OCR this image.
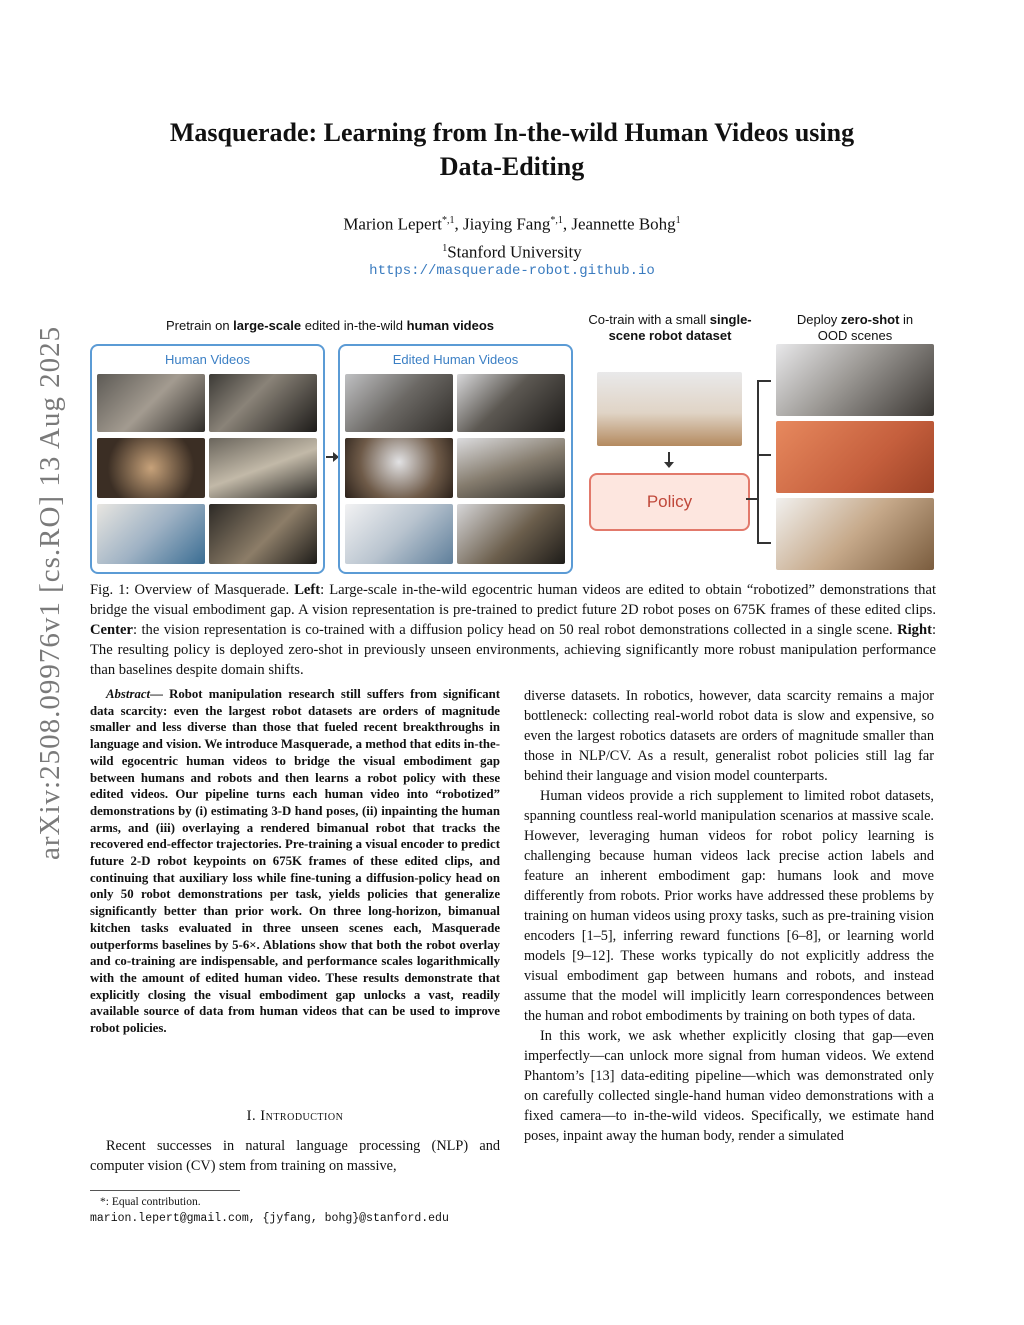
arXiv:2508.09976v1 [cs.RO] 13 Aug 2025
Masquerade: Learning from In-the-wild Human Videos using
Data-Editing
Marion Lepert$^{*,1}$, Jiaying Fang$^{*,1}$, Jeannette Bohg$^1$
$^1$Stanford University
https://masquerade-robot.github.io
Pretrain on large-scale edited in-the-wild human videos	Co-train with a small single-
scene robot dataset
Deploy zero-shot in
OOD scenes
Human Videos	Edited Human Videos
Policy
Fig. 1: Overview of Masquerade. Left: Large-scale in-the-wild egocentric human videos are edited to obtain “robotized” demonstrations that bridge the visual embodiment gap. A vision representation is pre-trained to predict future 2D robot poses on 675K frames of these edited clips. Center: the vision representation is co-trained with a diffusion policy head on 50 real robot demonstrations collected in a single scene. Right: The resulting policy is deployed zero-shot in previously unseen environments, achieving significantly more robust manipulation performance than baselines despite domain shifts.

Abstract— Robot manipulation research still suffers from significant data scarcity: even the largest robot datasets are orders of magnitude smaller and less diverse than those that fueled recent breakthroughs in language and vision. We introduce Masquerade, a method that edits in-the-wild egocentric human videos to bridge the visual embodiment gap between humans and robots and then learns a robot policy with these edited videos. Our pipeline turns each human video into “robotized” demonstrations by (i) estimating 3-D hand poses, (ii) inpainting the human arms, and (iii) overlaying a rendered bimanual robot that tracks the recovered end-effector trajectories. Pre-training a visual encoder to predict future 2-D robot keypoints on 675K frames of these edited clips, and continuing that auxiliary loss while fine-tuning a diffusion-policy head on only 50 robot demonstrations per task, yields policies that generalize significantly better than prior work. On three long-horizon, bimanual kitchen tasks evaluated in three unseen scenes each, Masquerade outperforms baselines by 5-6×. Ablations show that both the robot overlay and co-training are indispensable, and performance scales logarithmically with the amount of edited human video. These results demonstrate that explicitly closing the visual embodiment gap unlocks a vast, readily available source of data from human videos that can be used to improve robot policies.

I. Introduction

Recent successes in natural language processing (NLP) and computer vision (CV) stem from training on massive,

*: Equal contribution.
marion.lepert@gmail.com, {jyfang, bohg}@stanford.edu

diverse datasets. In robotics, however, data scarcity remains a major bottleneck: collecting real-world robot data is slow and expensive, so even the largest robotics datasets are orders of magnitude smaller than those in NLP/CV. As a result, generalist robot policies still lag far behind their language and vision model counterparts.

Human videos provide a rich supplement to limited robot datasets, spanning countless real-world manipulation scenarios at massive scale. However, leveraging human videos for robot policy learning is challenging because human videos lack precise action labels and feature an inherent embodiment gap: humans look and move differently from robots. Prior works have addressed these problems by training on human videos using proxy tasks, such as pre-training vision encoders [1–5], inferring reward functions [6–8], or learning world models [9–12]. These works typically do not explicitly address the visual embodiment gap between humans and robots, and instead assume that the model will implicitly learn correspondences between the human and robot embodiments by training on both types of data.

In this work, we ask whether explicitly closing that gap—even imperfectly—can unlock more signal from human videos. We extend Phantom’s [13] data-editing pipeline—which was demonstrated only on carefully collected single-hand human video demonstrations with a fixed camera—to in-the-wild videos. Specifically, we estimate hand poses, inpaint away the human body, render a simulated
